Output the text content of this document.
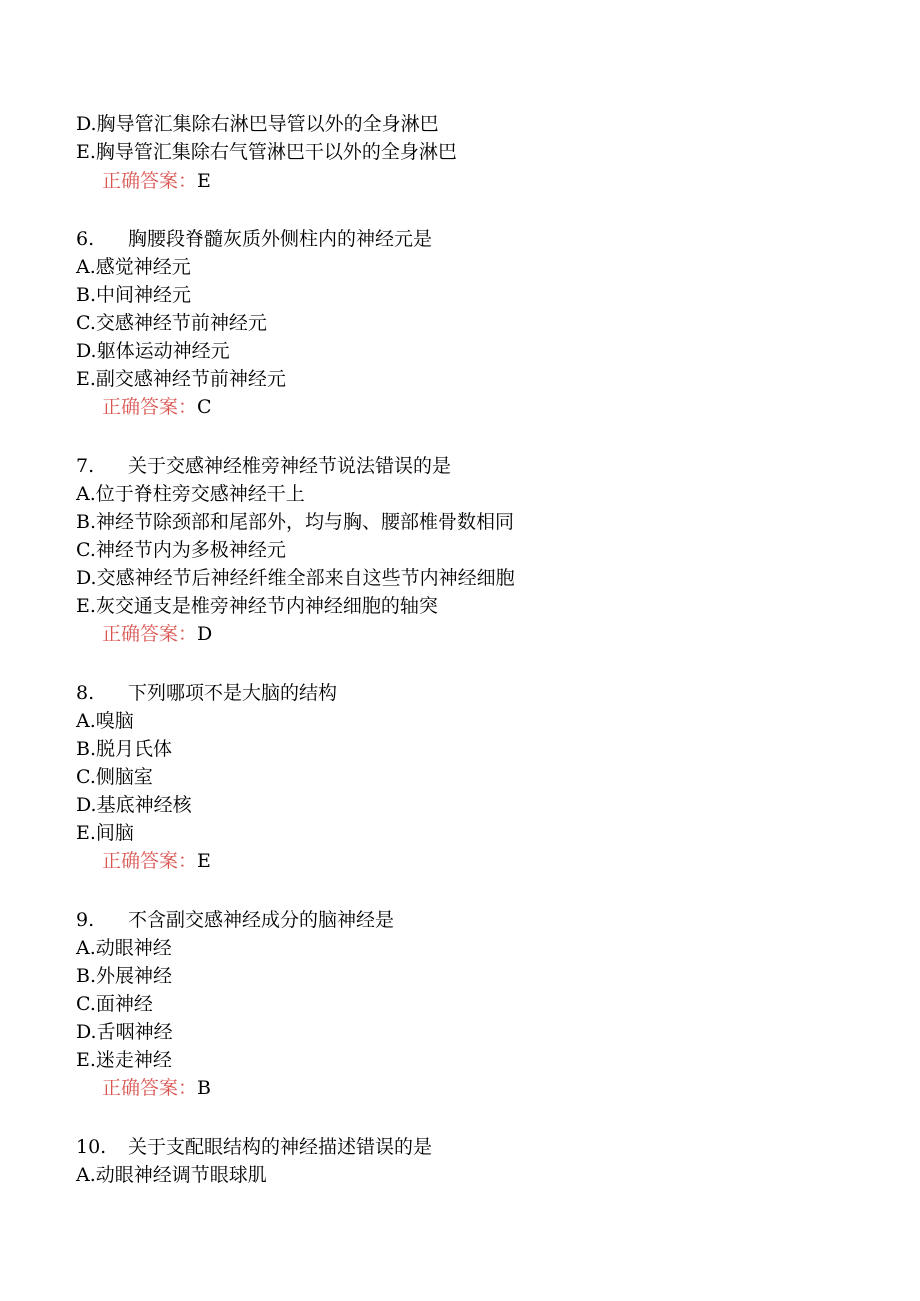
D.胸导管汇集除右淋巴导管以外的全身淋巴
E.胸导管汇集除右气管淋巴干以外的全身淋巴
正确答案：E
6. 胸腰段脊髓灰质外侧柱内的神经元是
A.感觉神经元
B.中间神经元
C.交感神经节前神经元
D.躯体运动神经元
E.副交感神经节前神经元
正确答案：C
7. 关于交感神经椎旁神经节说法错误的是
A.位于脊柱旁交感神经干上
B.神经节除颈部和尾部外，均与胸、腰部椎骨数相同
C.神经节内为多极神经元
D.交感神经节后神经纤维全部来自这些节内神经细胞
E.灰交通支是椎旁神经节内神经细胞的轴突
正确答案：D
8. 下列哪项不是大脑的结构
A.嗅脑
B.脱月氏体
C.侧脑室
D.基底神经核
E.间脑
正确答案：E
9. 不含副交感神经成分的脑神经是
A.动眼神经
B.外展神经
C.面神经
D.舌咽神经
E.迷走神经
正确答案：B
10. 关于支配眼结构的神经描述错误的是
A.动眼神经调节眼球肌
